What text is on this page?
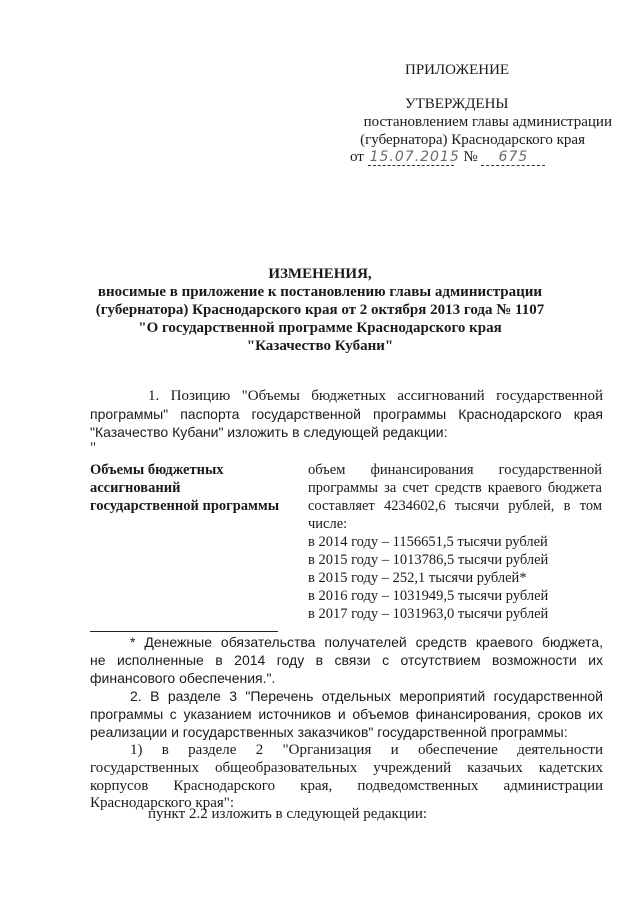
ПРИЛОЖЕНИЕ
УТВЕРЖДЕНЫ
постановлением главы администрации
(губернатора) Краснодарского края
от 15.07.2015 № 675
ИЗМЕНЕНИЯ,
вносимые в приложение к постановлению главы администрации
(губернатора) Краснодарского края от 2 октября 2013 года № 1107
"О государственной программе Краснодарского края
"Казачество Кубани"
1. Позицию "Объемы бюджетных ассигнований государственной
программы" паспорта государственной программы Краснодарского края
"Казачество Кубани" изложить в следующей редакции:
"
Объемы бюджетных
ассигнований
государственной программы
объем финансирования государственной
программы за счет средств краевого бюджета
составляет 4234602,6 тысячи рублей, в том
числе:
в 2014 году – 1156651,5 тысячи рублей
в 2015 году – 1013786,5 тысячи рублей
в 2015 году – 252,1 тысячи рублей*
в 2016 году – 1031949,5 тысячи рублей
в 2017 году – 1031963,0 тысячи рублей
* Денежные обязательства получателей средств краевого бюджета,
не исполненные в 2014 году в связи с отсутствием возможности их
финансового обеспечения.".
2. В разделе 3 "Перечень отдельных мероприятий государственной
программы с указанием источников и объемов финансирования, сроков их
реализации и государственных заказчиков" государственной программы:
1) в разделе 2 "Организация и обеспечение деятельности
государственных общеобразовательных учреждений казачьих кадетских
корпусов Краснодарского края, подведомственных администрации
Краснодарского края":
пункт 2.2 изложить в следующей редакции:
